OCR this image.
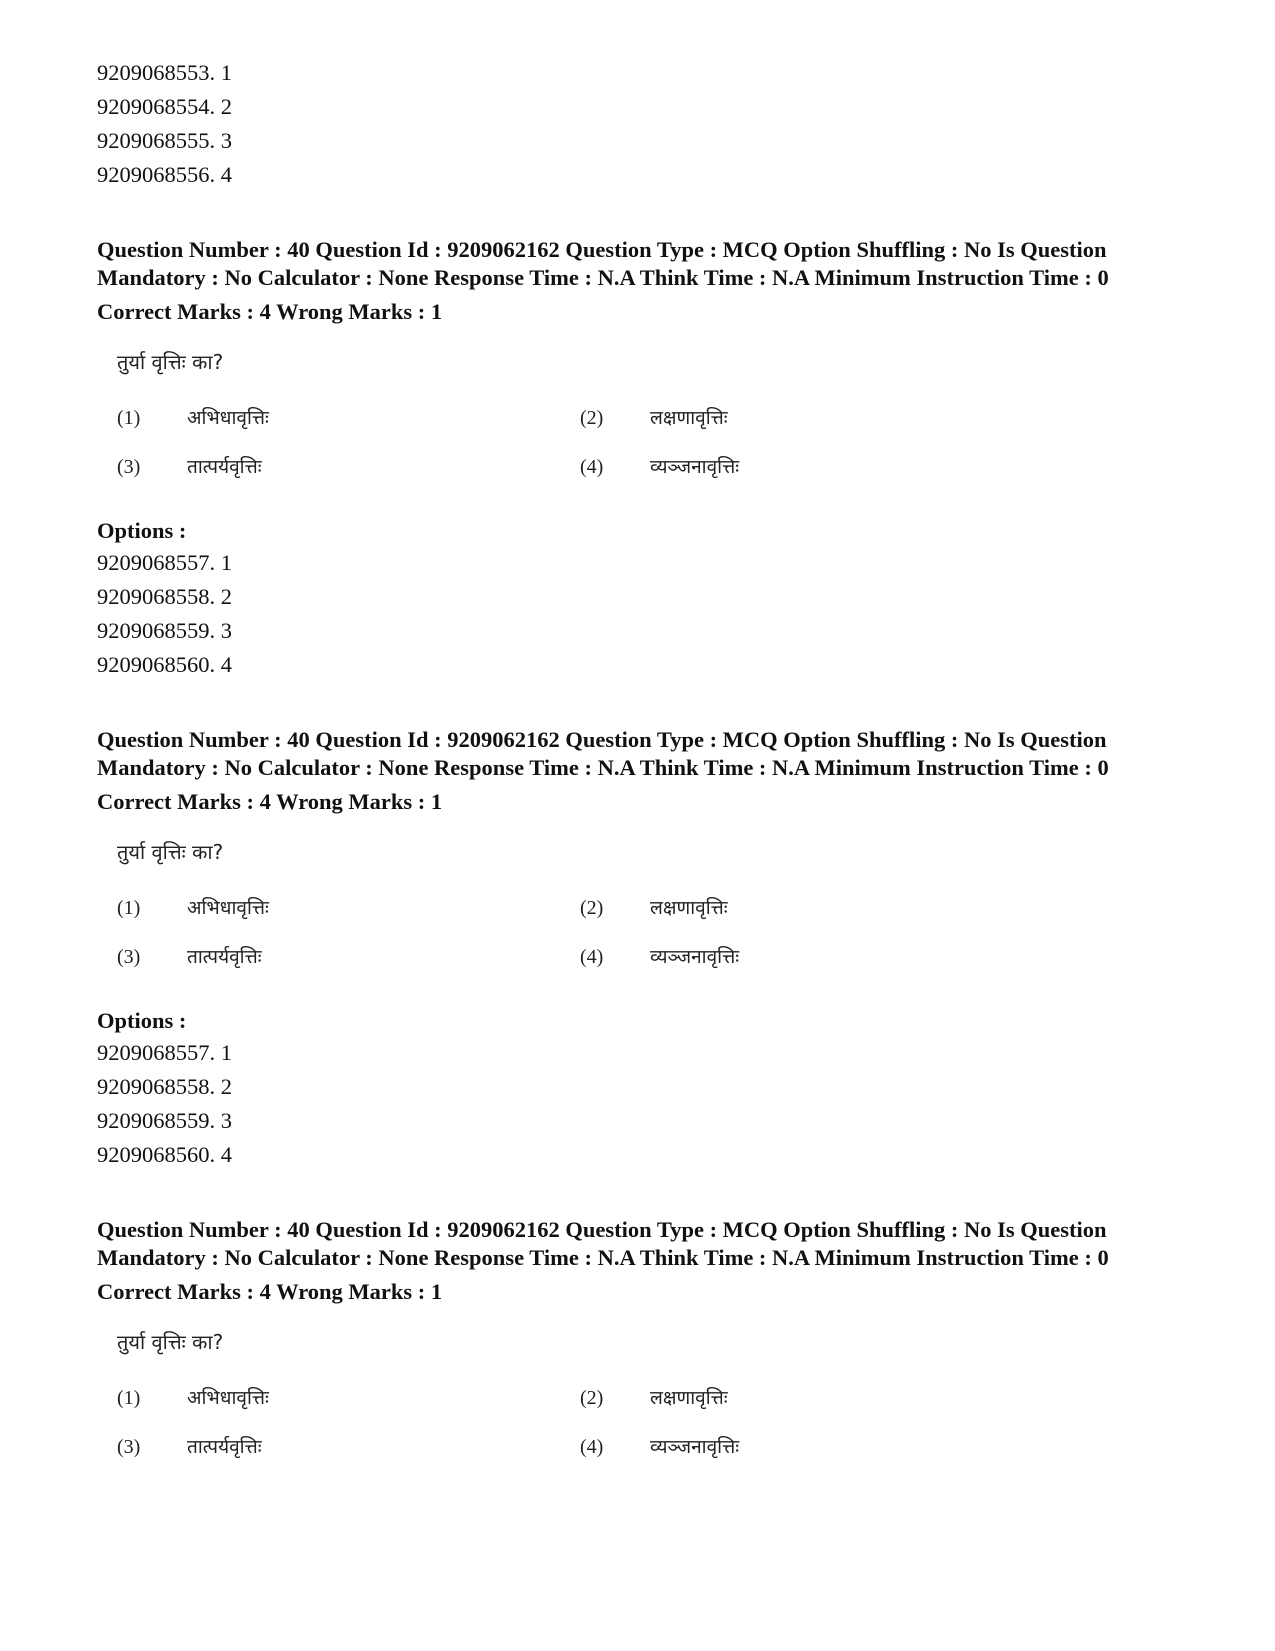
9209068553. 1
9209068554. 2
9209068555. 3
9209068556. 4
Question Number : 40 Question Id : 9209062162 Question Type : MCQ Option Shuffling : No Is Question Mandatory : No Calculator : None Response Time : N.A Think Time : N.A Minimum Instruction Time : 0
Correct Marks : 4 Wrong Marks : 1
तुर्या वृत्तिः का?
(1) अभिधावृत्तिः	(2) लक्षणावृत्तिः
(3) तात्पर्यवृत्तिः	(4) व्यञ्जनावृत्तिः
Options :
9209068557. 1
9209068558. 2
9209068559. 3
9209068560. 4
Question Number : 40 Question Id : 9209062162 Question Type : MCQ Option Shuffling : No Is Question Mandatory : No Calculator : None Response Time : N.A Think Time : N.A Minimum Instruction Time : 0
Correct Marks : 4 Wrong Marks : 1
तुर्या वृत्तिः का?
(1) अभिधावृत्तिः	(2) लक्षणावृत्तिः
(3) तात्पर्यवृत्तिः	(4) व्यञ्जनावृत्तिः
Options :
9209068557. 1
9209068558. 2
9209068559. 3
9209068560. 4
Question Number : 40 Question Id : 9209062162 Question Type : MCQ Option Shuffling : No Is Question Mandatory : No Calculator : None Response Time : N.A Think Time : N.A Minimum Instruction Time : 0
Correct Marks : 4 Wrong Marks : 1
तुर्या वृत्तिः का?
(1) अभिधावृत्तिः	(2) लक्षणावृत्तिः
(3) तात्पर्यवृत्तिः	(4) व्यञ्जनावृत्तिः
